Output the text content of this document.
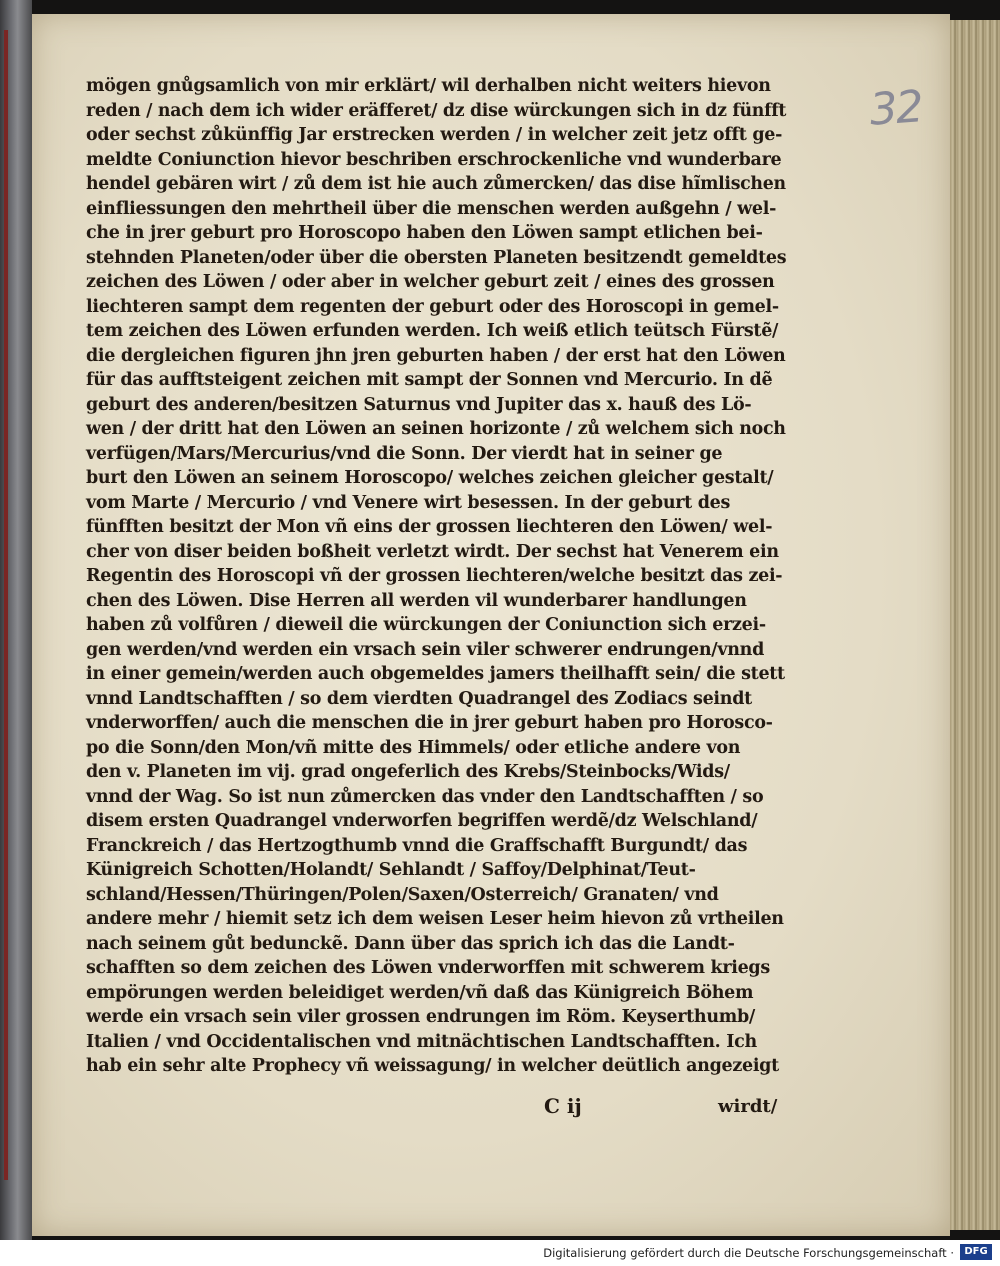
32
mögen gnůgsamlich von mir erklärt/ wil derhalben nicht weiters hievon
reden / nach dem ich wider eräfferet/ dz dise würckungen sich in dz fünfft
oder sechst zůkünffig Jar erstrecken werden / in welcher zeit jetz offt ge-
meldte Coniunction hievor beschriben erschrockenliche vnd wunderbare
hendel gebären wirt / zů dem ist hie auch zůmercken/ das dise hĩmlischen
einfliessungen den mehrtheil über die menschen werden außgehn / wel-
che in jrer geburt pro Horoscopo haben den Löwen sampt etlichen bei-
stehnden Planeten/oder über die obersten Planeten besitzendt gemeldtes
zeichen des Löwen / oder aber in welcher geburt zeit / eines des grossen
liechteren sampt dem regenten der geburt oder des Horoscopi in gemel-
tem zeichen des Löwen erfunden werden. Ich weiß etlich teütsch Fürstẽ/
die dergleichen figuren jhn jren geburten haben / der erst hat den Löwen
für das aufftsteigent zeichen mit sampt der Sonnen vnd Mercurio. In dẽ
geburt des anderen/besitzen Saturnus vnd Jupiter das x. hauß des Lö-
wen / der dritt hat den Löwen an seinen horizonte / zů welchem sich noch
verfügen/Mars/Mercurius/vnd die Sonn. Der vierdt hat in seiner ge
burt den Löwen an seinem Horoscopo/ welches zeichen gleicher gestalt/
vom Marte / Mercurio / vnd Venere wirt besessen. In der geburt des
fünfften besitzt der Mon vñ eins der grossen liechteren den Löwen/ wel-
cher von diser beiden boßheit verletzt wirdt. Der sechst hat Venerem ein
Regentin des Horoscopi vñ der grossen liechteren/welche besitzt das zei-
chen des Löwen. Dise Herren all werden vil wunderbarer handlungen
haben zů volfůren / dieweil die würckungen der Coniunction sich erzei-
gen werden/vnd werden ein vrsach sein viler schwerer endrungen/vnnd
in einer gemein/werden auch obgemeldes jamers theilhafft sein/ die stett
vnnd Landtschafften / so dem vierdten Quadrangel des Zodiacs seindt
vnderworffen/ auch die menschen die in jrer geburt haben pro Horosco-
po die Sonn/den Mon/vñ mitte des Himmels/ oder etliche andere von
den v. Planeten im vij. grad ongeferlich des Krebs/Steinbocks/Wids/
vnnd der Wag. So ist nun zůmercken das vnder den Landtschafften / so
disem ersten Quadrangel vnderworfen begriffen werdẽ/dz Welschland/
Franckreich / das Hertzogthumb vnnd die Graffschafft Burgundt/ das
Künigreich Schotten/Holandt/ Sehlandt / Saffoy/Delphinat/Teut-
schland/Hessen/Thüringen/Polen/Saxen/Osterreich/ Granaten/ vnd
andere mehr / hiemit setz ich dem weisen Leser heim hievon zů vrtheilen
nach seinem gůt bedunckẽ. Dann über das sprich ich das die Landt-
schafften so dem zeichen des Löwen vnderworffen mit schwerem kriegs
empörungen werden beleidiget werden/vñ daß das Künigreich Böhem
werde ein vrsach sein viler grossen endrungen im Röm. Keyserthumb/
Italien / vnd Occidentalischen vnd mitnächtischen Landtschafften. Ich
hab ein sehr alte Prophecy vñ weissagung/ in welcher deütlich angezeigt
C ij	wirdt/
Digitalisierung gefördert durch die Deutsche Forschungsgemeinschaft ·	DFG
